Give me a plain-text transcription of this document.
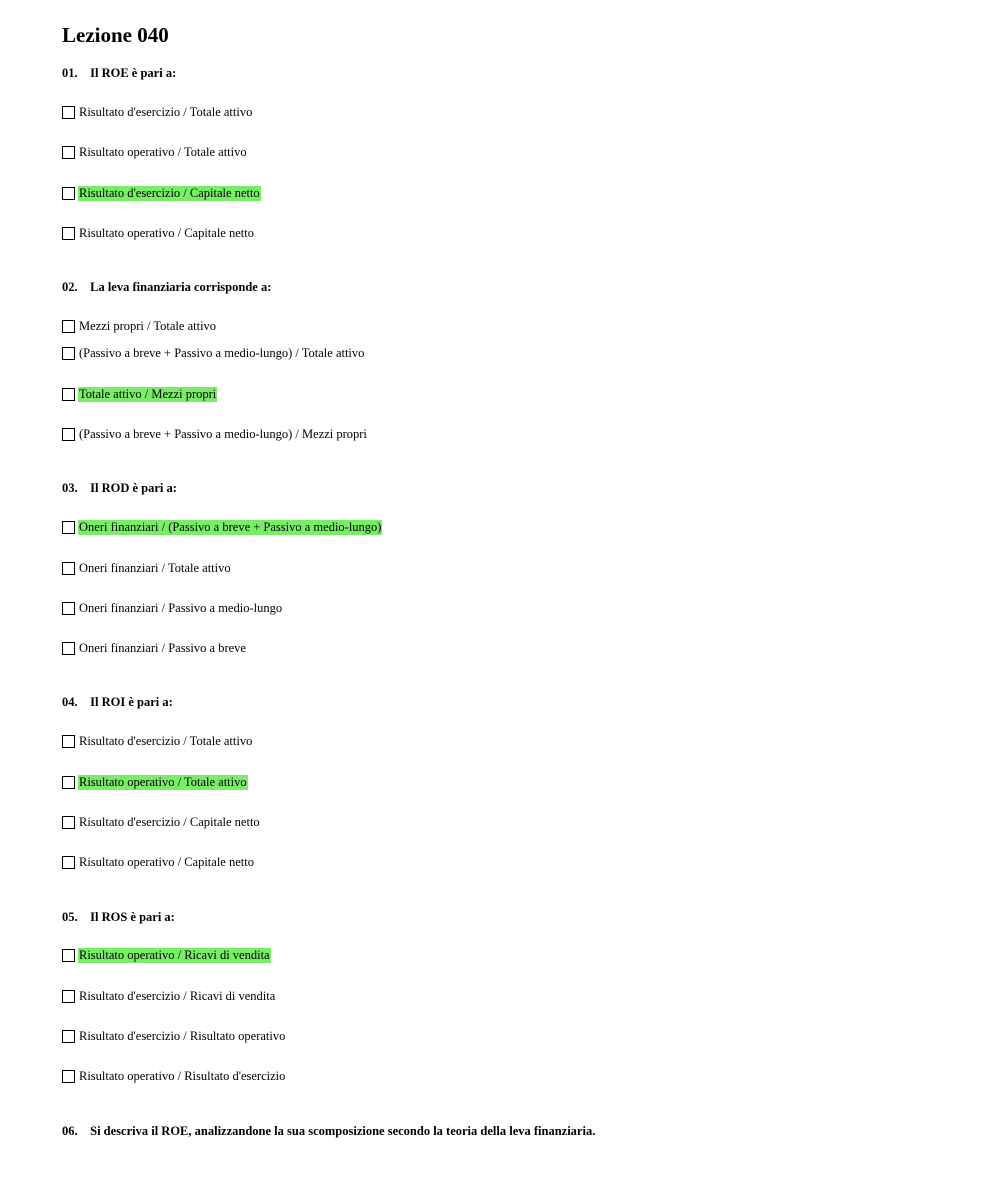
Lezione 040
01. Il ROE è pari a:
Risultato d'esercizio / Totale attivo
Risultato operativo / Totale attivo
Risultato d'esercizio / Capitale netto
Risultato operativo / Capitale netto
02. La leva finanziaria corrisponde a:
Mezzi propri / Totale attivo
(Passivo a breve + Passivo a medio-lungo) / Totale attivo
Totale attivo / Mezzi propri
(Passivo a breve + Passivo a medio-lungo) / Mezzi propri
03. Il ROD è pari a:
Oneri finanziari / (Passivo a breve + Passivo a medio-lungo)
Oneri finanziari / Totale attivo
Oneri finanziari / Passivo a medio-lungo
Oneri finanziari / Passivo a breve
04. Il ROI è pari a:
Risultato d'esercizio / Totale attivo
Risultato operativo / Totale attivo
Risultato d'esercizio / Capitale netto
Risultato operativo / Capitale netto
05. Il ROS è pari a:
Risultato operativo / Ricavi di vendita
Risultato d'esercizio / Ricavi di vendita
Risultato d'esercizio / Risultato operativo
Risultato operativo / Risultato d'esercizio
06. Si descriva il ROE, analizzandone la sua scomposizione secondo la teoria della leva finanziaria.
